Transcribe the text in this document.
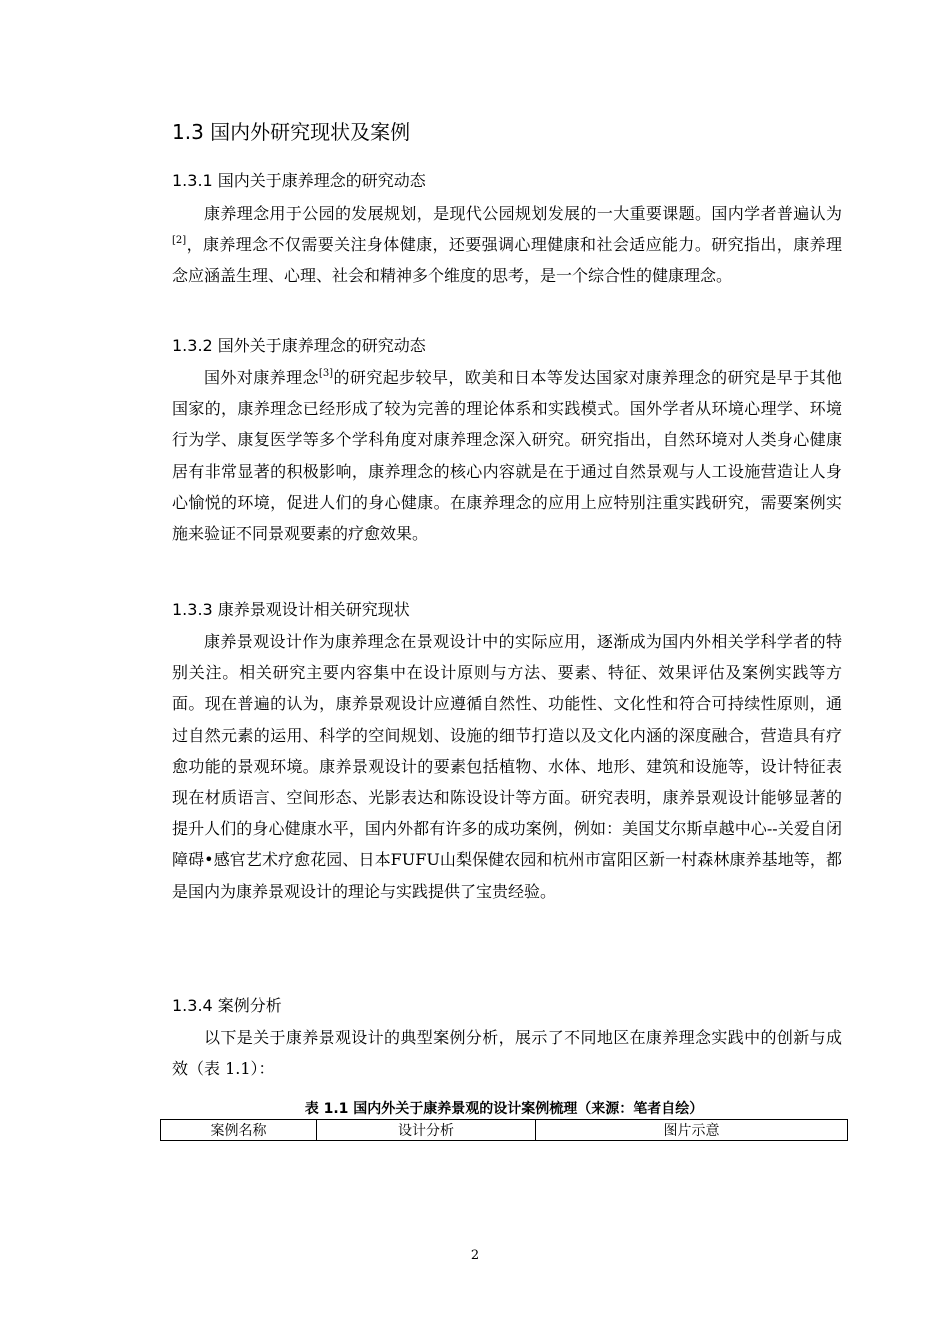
1.3 国内外研究现状及案例
1.3.1 国内关于康养理念的研究动态

康养理念用于公园的发展规划，是现代公园规划发展的一大重要课题。国内学者普遍认为[2]，康养理念不仅需要关注身体健康，还要强调心理健康和社会适应能力。研究指出，康养理念应涵盖生理、心理、社会和精神多个维度的思考，是一个综合性的健康理念。

1.3.2 国外关于康养理念的研究动态

国外对康养理念[3]的研究起步较早，欧美和日本等发达国家对康养理念的研究是早于其他国家的，康养理念已经形成了较为完善的理论体系和实践模式。国外学者从环境心理学、环境行为学、康复医学等多个学科角度对康养理念深入研究。研究指出，自然环境对人类身心健康居有非常显著的积极影响，康养理念的核心内容就是在于通过自然景观与人工设施营造让人身心愉悦的环境，促进人们的身心健康。在康养理念的应用上应特别注重实践研究，需要案例实施来验证不同景观要素的疗愈效果。

1.3.3 康养景观设计相关研究现状

康养景观设计作为康养理念在景观设计中的实际应用，逐渐成为国内外相关学科学者的特别关注。相关研究主要内容集中在设计原则与方法、要素、特征、效果评估及案例实践等方面。现在普遍的认为，康养景观设计应遵循自然性、功能性、文化性和符合可持续性原则，通过自然元素的运用、科学的空间规划、设施的细节打造以及文化内涵的深度融合，营造具有疗愈功能的景观环境。康养景观设计的要素包括植物、水体、地形、建筑和设施等，设计特征表现在材质语言、空间形态、光影表达和陈设设计等方面。研究表明，康养景观设计能够显著的提升人们的身心健康水平，国内外都有许多的成功案例，例如：美国艾尔斯卓越中心--关爱自闭障碍•感官艺术疗愈花园、日本FUFU山梨保健农园和杭州市富阳区新一村森林康养基地等，都是国内为康养景观设计的理论与实践提供了宝贵经验。

1.3.4 案例分析

以下是关于康养景观设计的典型案例分析，展示了不同地区在康养理念实践中的创新与成效（表 1.1）：

表 1.1 国内外关于康养景观的设计案例梳理（来源：笔者自绘）

案例名称	设计分析	图片示意
2
